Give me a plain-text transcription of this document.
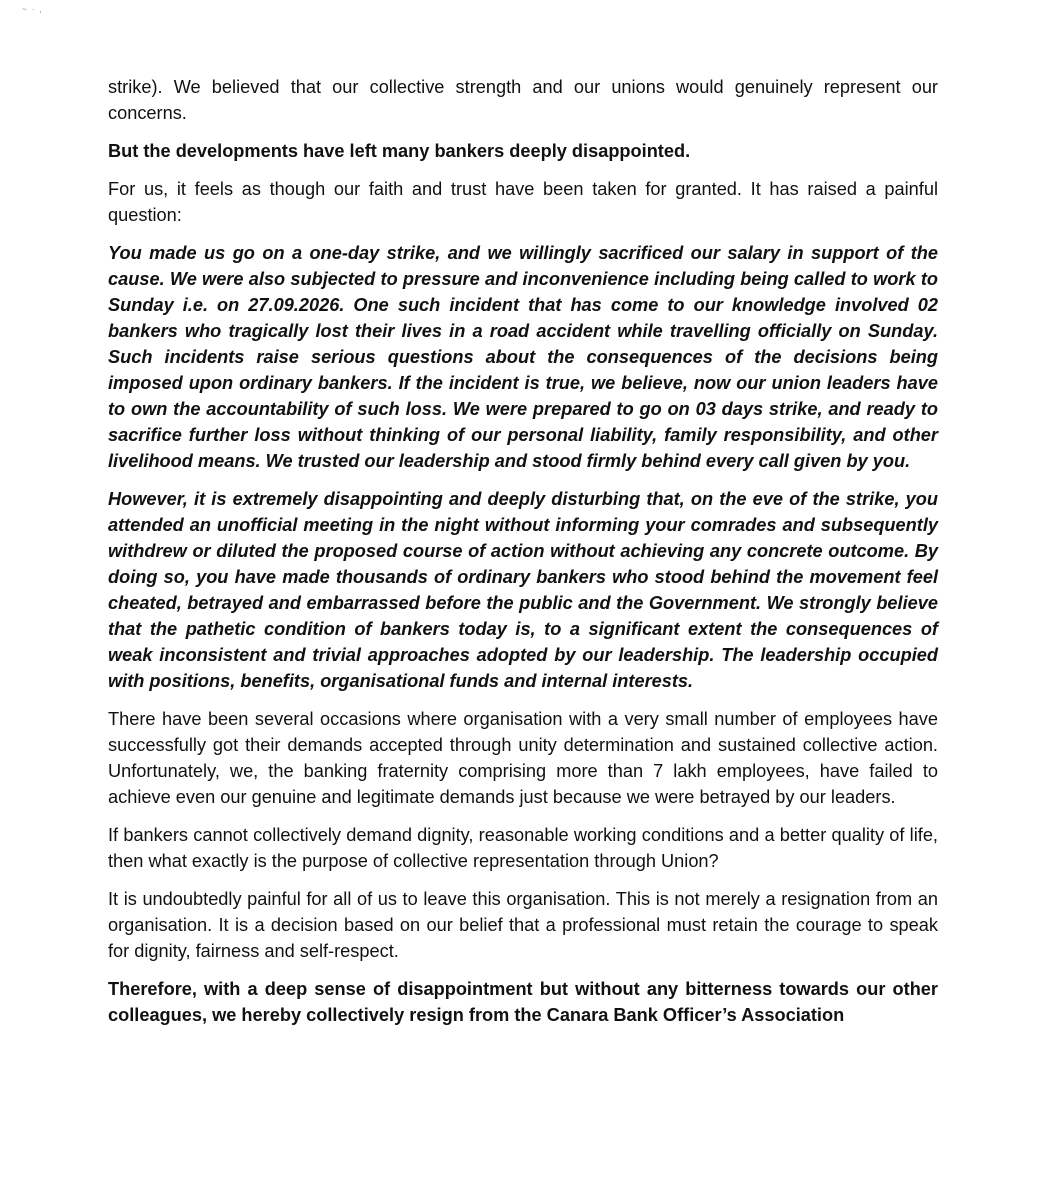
~ · ,

strike). We believed that our collective strength and our unions would genuinely represent our concerns.

But the developments have left many bankers deeply disappointed.

For us, it feels as though our faith and trust have been taken for granted. It has raised a painful question:

You made us go on a one-day strike, and we willingly sacrificed our salary in support of the cause. We were also subjected to pressure and inconvenience including being called to work to Sunday i.e. on 27.09.2026. One such incident that has come to our knowledge involved 02 bankers who tragically lost their lives in a road accident while travelling officially on Sunday. Such incidents raise serious questions about the consequences of the decisions being imposed upon ordinary bankers. If the incident is true, we believe, now our union leaders have to own the accountability of such loss. We were prepared to go on 03 days strike, and ready to sacrifice further loss without thinking of our personal liability, family responsibility, and other livelihood means. We trusted our leadership and stood firmly behind every call given by you.

However, it is extremely disappointing and deeply disturbing that, on the eve of the strike, you attended an unofficial meeting in the night without informing your comrades and subsequently withdrew or diluted the proposed course of action without achieving any concrete outcome. By doing so, you have made thousands of ordinary bankers who stood behind the movement feel cheated, betrayed and embarrassed before the public and the Government. We strongly believe that the pathetic condition of bankers today is, to a significant extent the consequences of weak inconsistent and trivial approaches adopted by our leadership. The leadership occupied with positions, benefits, organisational funds and internal interests.

There have been several occasions where organisation with a very small number of employees have successfully got their demands accepted through unity determination and sustained collective action. Unfortunately, we, the banking fraternity comprising more than 7 lakh employees, have failed to achieve even our genuine and legitimate demands just because we were betrayed by our leaders.

If bankers cannot collectively demand dignity, reasonable working conditions and a better quality of life, then what exactly is the purpose of collective representation through Union?

It is undoubtedly painful for all of us to leave this organisation. This is not merely a resignation from an organisation. It is a decision based on our belief that a professional must retain the courage to speak for dignity, fairness and self-respect.

Therefore, with a deep sense of disappointment but without any bitterness towards our other colleagues, we hereby collectively resign from the Canara Bank Officer’s Association
